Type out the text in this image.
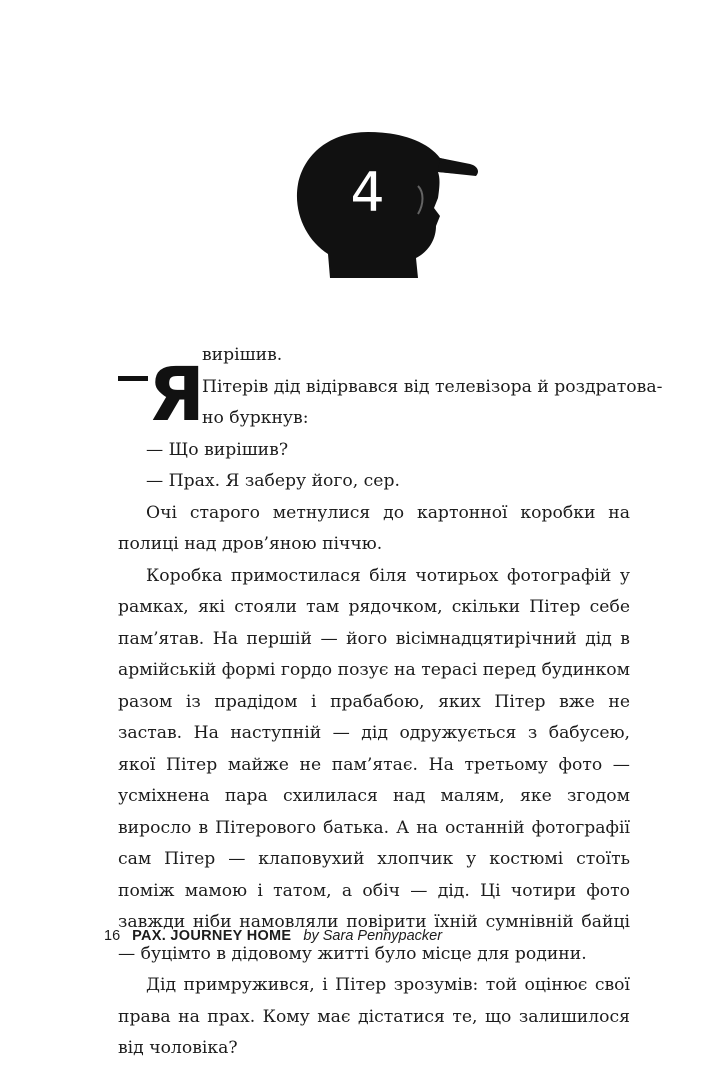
4
Я
вирішив.
Пітерів дід відірвався від телевізора й роздратова-
но буркнув:
— Що вирішив?
— Прах. Я заберу його, сер.

Очі старого метнулися до картонної коробки на полиці над дров’яною піччю.

Коробка примостилася біля чотирьох фотографій у рамках, які стояли там рядочком, скільки Пітер себе пам’ятав. На першій — його вісімнадцятирічний дід в армійській формі гордо позує на терасі перед будинком разом із прадідом і прабабою, яких Пітер вже не застав. На наступній — дід одружується з бабусею, якої Пітер майже не пам’ятає. На третьому фото — усміхнена пара схилилася над малям, яке згодом виросло в Пітерового батька. А на останній фотографії сам Пітер — клаповухий хлопчик у костюмі стоїть поміж мамою і татом, а обіч — дід. Ці чотири фото завжди ніби намовляли повірити їхній сумнівній байці — буцімто в дідовому житті було місце для родини.

Дід примружився, і Пітер зрозумів: той оцінює свої права на прах. Кому має дістатися те, що залишилося від чоловіка?

16 PAX. JOURNEY HOME by Sara Pennypacker
